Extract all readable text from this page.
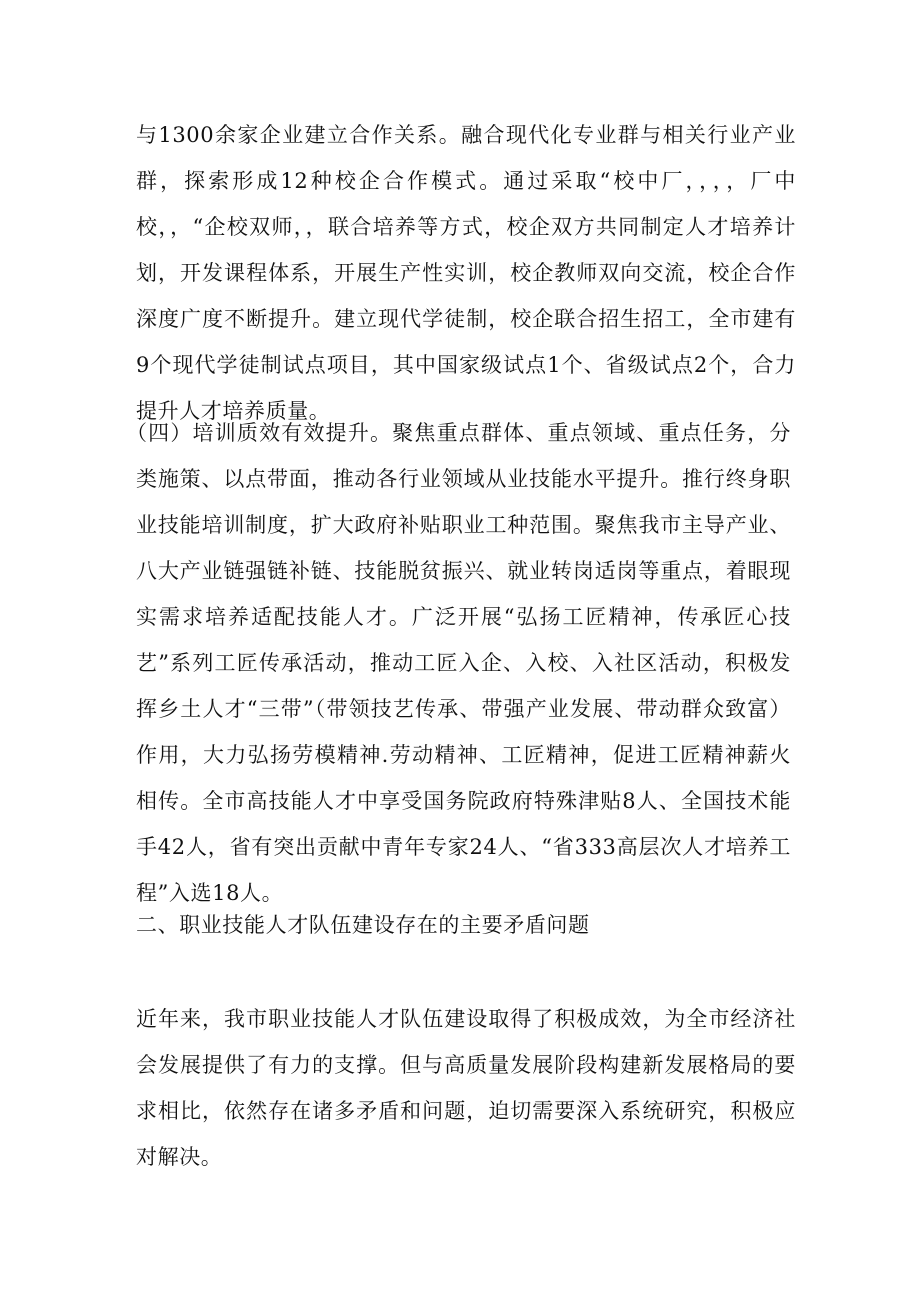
与1300余家企业建立合作关系。融合现代化专业群与相关行业产业群，探索形成12种校企合作模式。通过采取“校中厂，，，，厂中校，，“企校双师，，联合培养等方式，校企双方共同制定人才培养计划，开发课程体系，开展生产性实训，校企教师双向交流，校企合作深度广度不断提升。建立现代学徒制，校企联合招生招工，全市建有9个现代学徒制试点项目，其中国家级试点1个、省级试点2个，合力提升人才培养质量。

（四）培训质效有效提升。聚焦重点群体、重点领域、重点任务，分类施策、以点带面，推动各行业领域从业技能水平提升。推行终身职业技能培训制度，扩大政府补贴职业工种范围。聚焦我市主导产业、八大产业链强链补链、技能脱贫振兴、就业转岗适岗等重点，着眼现实需求培养适配技能人才。广泛开展“弘扬工匠精神，传承匠心技艺”系列工匠传承活动，推动工匠入企、入校、入社区活动，积极发挥乡土人才“三带”（带领技艺传承、带强产业发展、带动群众致富）作用，大力弘扬劳模精神.劳动精神、工匠精神，促进工匠精神薪火相传。全市高技能人才中享受国务院政府特殊津贴8人、全国技术能手42人，省有突出贡献中青年专家24人、“省333高层次人才培养工程”入选18人。

二、职业技能人才队伍建设存在的主要矛盾问题

近年来，我市职业技能人才队伍建设取得了积极成效，为全市经济社会发展提供了有力的支撑。但与高质量发展阶段构建新发展格局的要求相比，依然存在诸多矛盾和问题，迫切需要深入系统研究，积极应对解决。
